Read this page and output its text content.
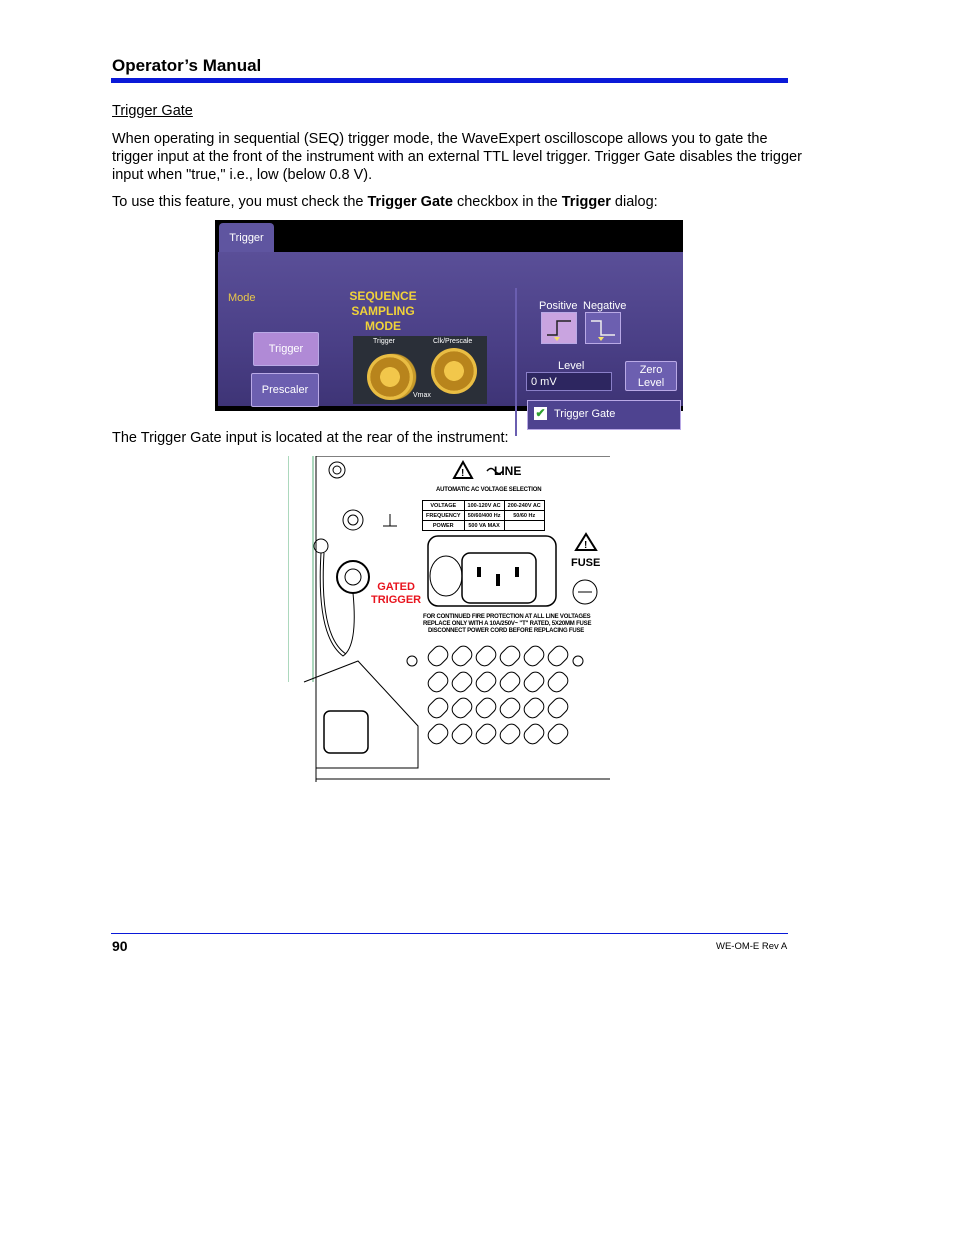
Operator’s Manual
Trigger Gate
When operating in sequential (SEQ) trigger mode, the WaveExpert oscilloscope allows you to gate the trigger input at the front of the instrument with an external TTL level trigger. Trigger Gate disables the trigger input when "true," i.e., low (below 0.8 V).
To use this feature, you must check the Trigger Gate checkbox in the Trigger dialog:
Trigger
Mode	SEQUENCE
SAMPLING
MODE
Trigger
Prescaler
Trigger	Clk/Prescale
Vmax
Positive Negative
Level
0 mV
Zero
Level
✔ Trigger Gate
The Trigger Gate input is located at the rear of the instrument:
!
!
LINE
AUTOMATIC AC VOLTAGE SELECTION
VOLTAGE	100-120V AC	200-240V AC
FREQUENCY	50/60/400 Hz	50/60 Hz
POWER	500 VA MAX	
FUSE
GATED
TRIGGER
FOR CONTINUED FIRE PROTECTION AT ALL LINE VOLTAGES
REPLACE ONLY WITH A 10A/250V~ "T" RATED, 5X20MM FUSE
DISCONNECT POWER CORD BEFORE REPLACING FUSE
90	WE-OM-E Rev A
